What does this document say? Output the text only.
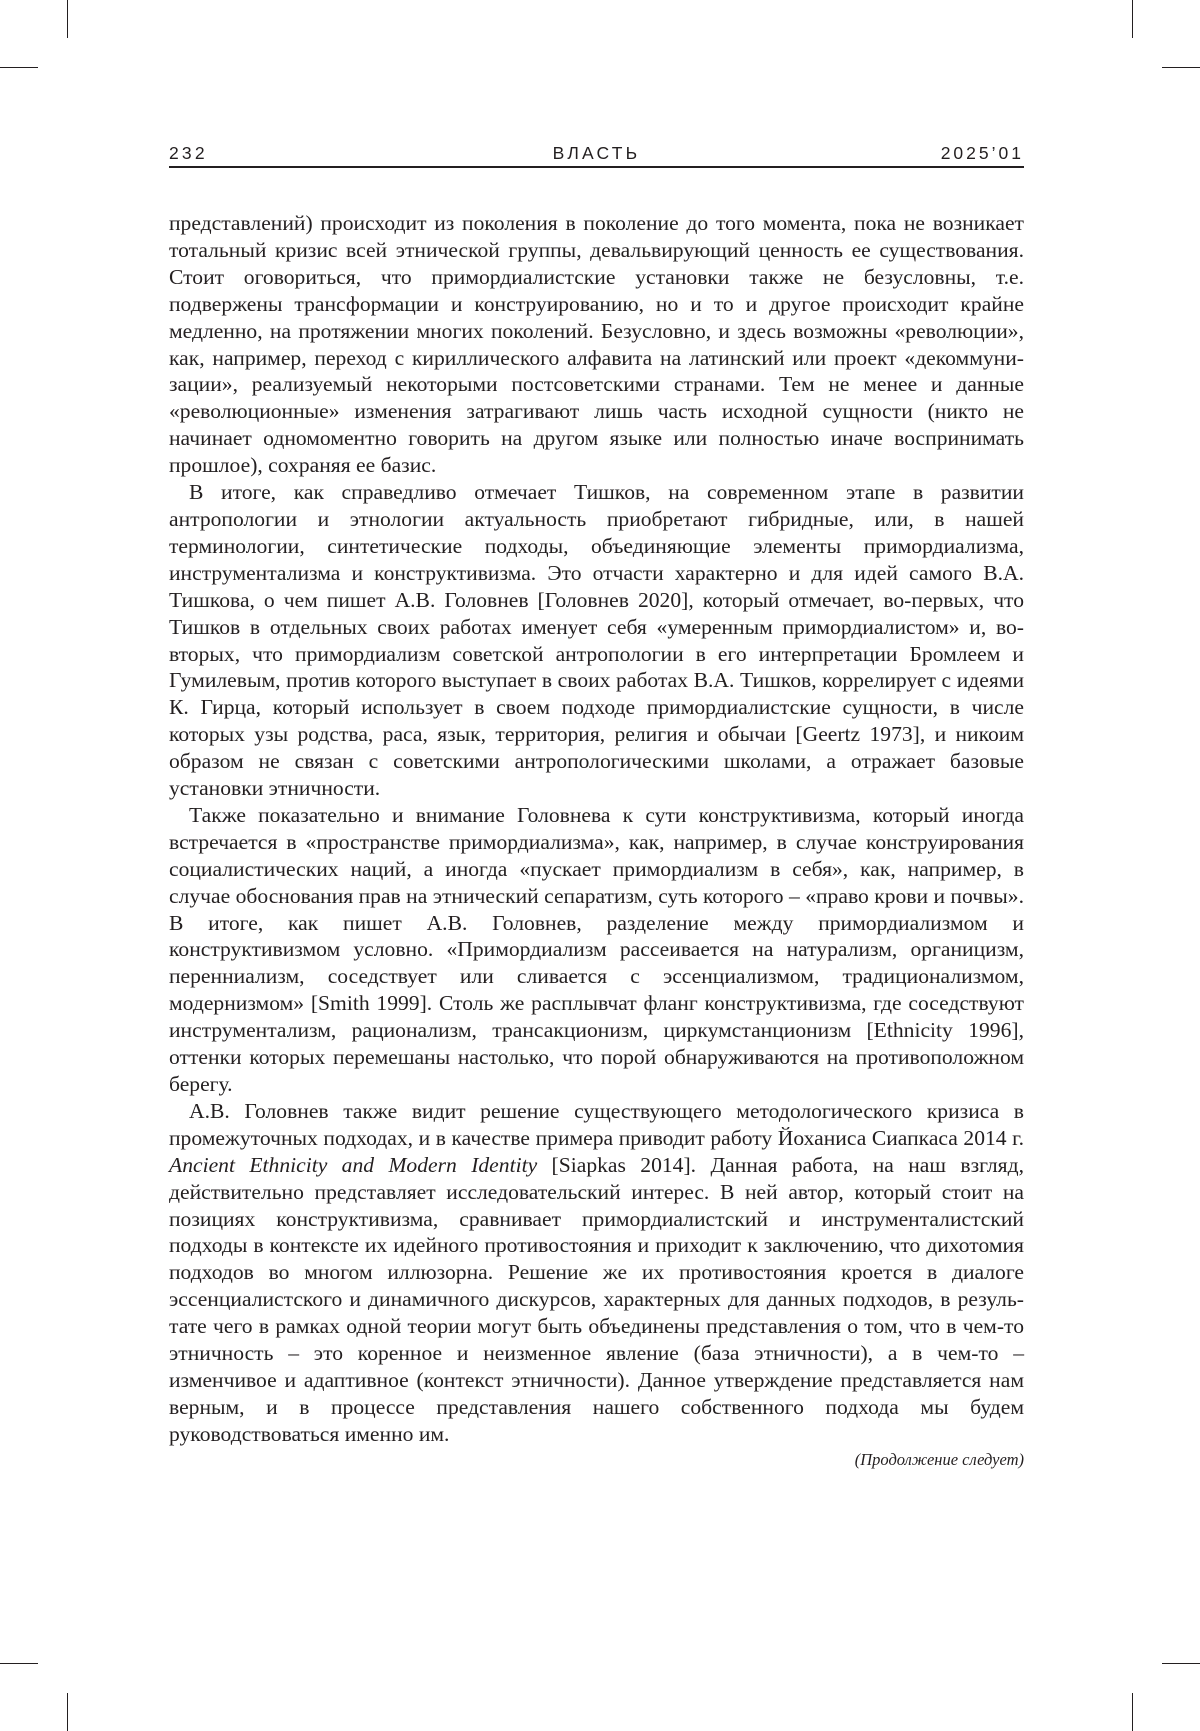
232	ВЛАСТЬ	2025’01

представлений) происходит из поколения в поколение до того момента, пока не возникает тотальный кризис всей этнической группы, девальвирующий ценность ее существования. Стоит оговориться, что примордиалистские установки также не безусловны, т.е. подвержены трансформации и конструированию, но и то и другое происходит крайне медленно, на протяжении многих поколений. Безусловно, и здесь возможны «революции», как, например, переход с кириллического алфавита на латинский или проект «декоммунизации», реализуемый некоторыми постсоветскими странами. Тем не менее и данные «революционные» изменения затрагивают лишь часть исходной сущности (никто не начинает одномоментно говорить на другом языке или полностью иначе воспринимать прошлое), сохраняя ее базис.

В итоге, как справедливо отмечает Тишков, на современном этапе в развитии антропологии и этнологии актуальность приобретают гибридные, или, в нашей терминологии, синтетические подходы, объединяющие элементы примордиализма, инструментализма и конструктивизма. Это отчасти характерно и для идей самого В.А. Тишкова, о чем пишет А.В. Головнев [Головнев 2020], который отмечает, во-первых, что Тишков в отдельных своих работах именует себя «умеренным примордиалистом» и, во-вторых, что примордиализм советской антропологии в его интерпретации Бромлеем и Гумилевым, против которого выступает в своих работах В.А. Тишков, коррелирует с идеями К. Гирца, который использует в своем подходе примордиалистские сущности, в числе которых узы родства, раса, язык, территория, религия и обычаи [Geertz 1973], и никоим образом не связан с советскими антропологическими школами, а отражает базовые установки этничности.

Также показательно и внимание Головнева к сути конструктивизма, который иногда встречается в «пространстве примордиализма», как, например, в случае конструирования социалистических наций, а иногда «пускает примордиализм в себя», как, например, в случае обоснования прав на этнический сепаратизм, суть которого – «право крови и почвы». В итоге, как пишет А.В. Головнев, разделение между примордиализмом и конструктивизмом условно. «Примордиализм рассеивается на натурализм, органицизм, перенниализм, соседствует или сливается с эссенциализмом, традиционализмом, модернизмом» [Smith 1999]. Столь же расплывчат фланг конструктивизма, где соседствуют инструментализм, рационализм, трансакционизм, циркумстанционизм [Ethnicity 1996], оттенки которых перемешаны настолько, что порой обнаруживаются на противоположном берегу.

А.В. Головнев также видит решение существующего методологического кризиса в промежуточных подходах, и в качестве примера приводит работу Йоханиса Сиапкаса 2014 г. Ancient Ethnicity and Modern Identity [Siapkas 2014]. Данная работа, на наш взгляд, действительно представляет исследовательский интерес. В ней автор, который стоит на позициях конструктивизма, сравнивает примордиалистский и инструменталистский подходы в контексте их идейного противостояния и приходит к заключению, что дихотомия подходов во многом иллюзорна. Решение же их противостояния кроется в диалоге эссенциалистского и динамичного дискурсов, характерных для данных подходов, в результате чего в рамках одной теории могут быть объединены представления о том, что в чем-то этничность – это коренное и неизменное явление (база этничности), а в чем-то – изменчивое и адаптивное (контекст этничности). Данное утверждение представляется нам верным, и в процессе представления нашего собственного подхода мы будем руководствоваться именно им.

(Продолжение следует)
